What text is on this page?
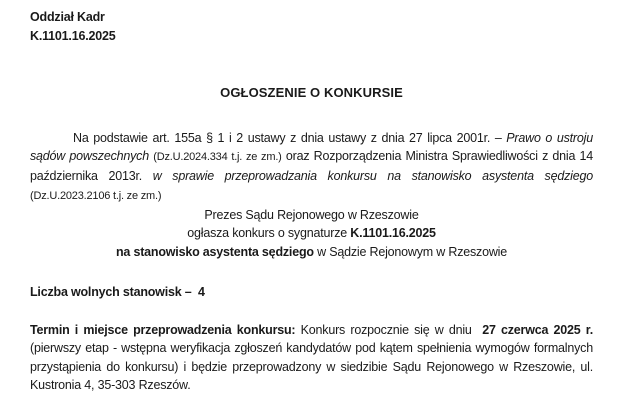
Oddział Kadr

K.1101.16.2025

OGŁOSZENIE O KONKURSIE

Na podstawie art. 155a § 1 i 2 ustawy z dnia ustawy z dnia 27 lipca 2001r. – Prawo o ustroju sądów powszechnych (Dz.U.2024.334 t.j. ze zm.) oraz Rozporządzenia Ministra Sprawiedliwości z dnia 14 października 2013r. w sprawie przeprowadzania konkursu na stanowisko asystenta sędziego (Dz.U.2023.2106 t.j. ze zm.)

Prezes Sądu Rejonowego w Rzeszowie

ogłasza konkurs o sygnaturze K.1101.16.2025

na stanowisko asystenta sędziego w Sądzie Rejonowym w Rzeszowie

Liczba wolnych stanowisk –  4

Termin i miejsce przeprowadzenia konkursu: Konkurs rozpocznie się w dniu  27 czerwca 2025 r. (pierwszy etap - wstępna weryfikacja zgłoszeń kandydatów pod kątem spełnienia wymogów formalnych przystąpienia do konkursu) i będzie przeprowadzony w siedzibie Sądu Rejonowego w Rzeszowie, ul. Kustronia 4, 35-303 Rzeszów.
